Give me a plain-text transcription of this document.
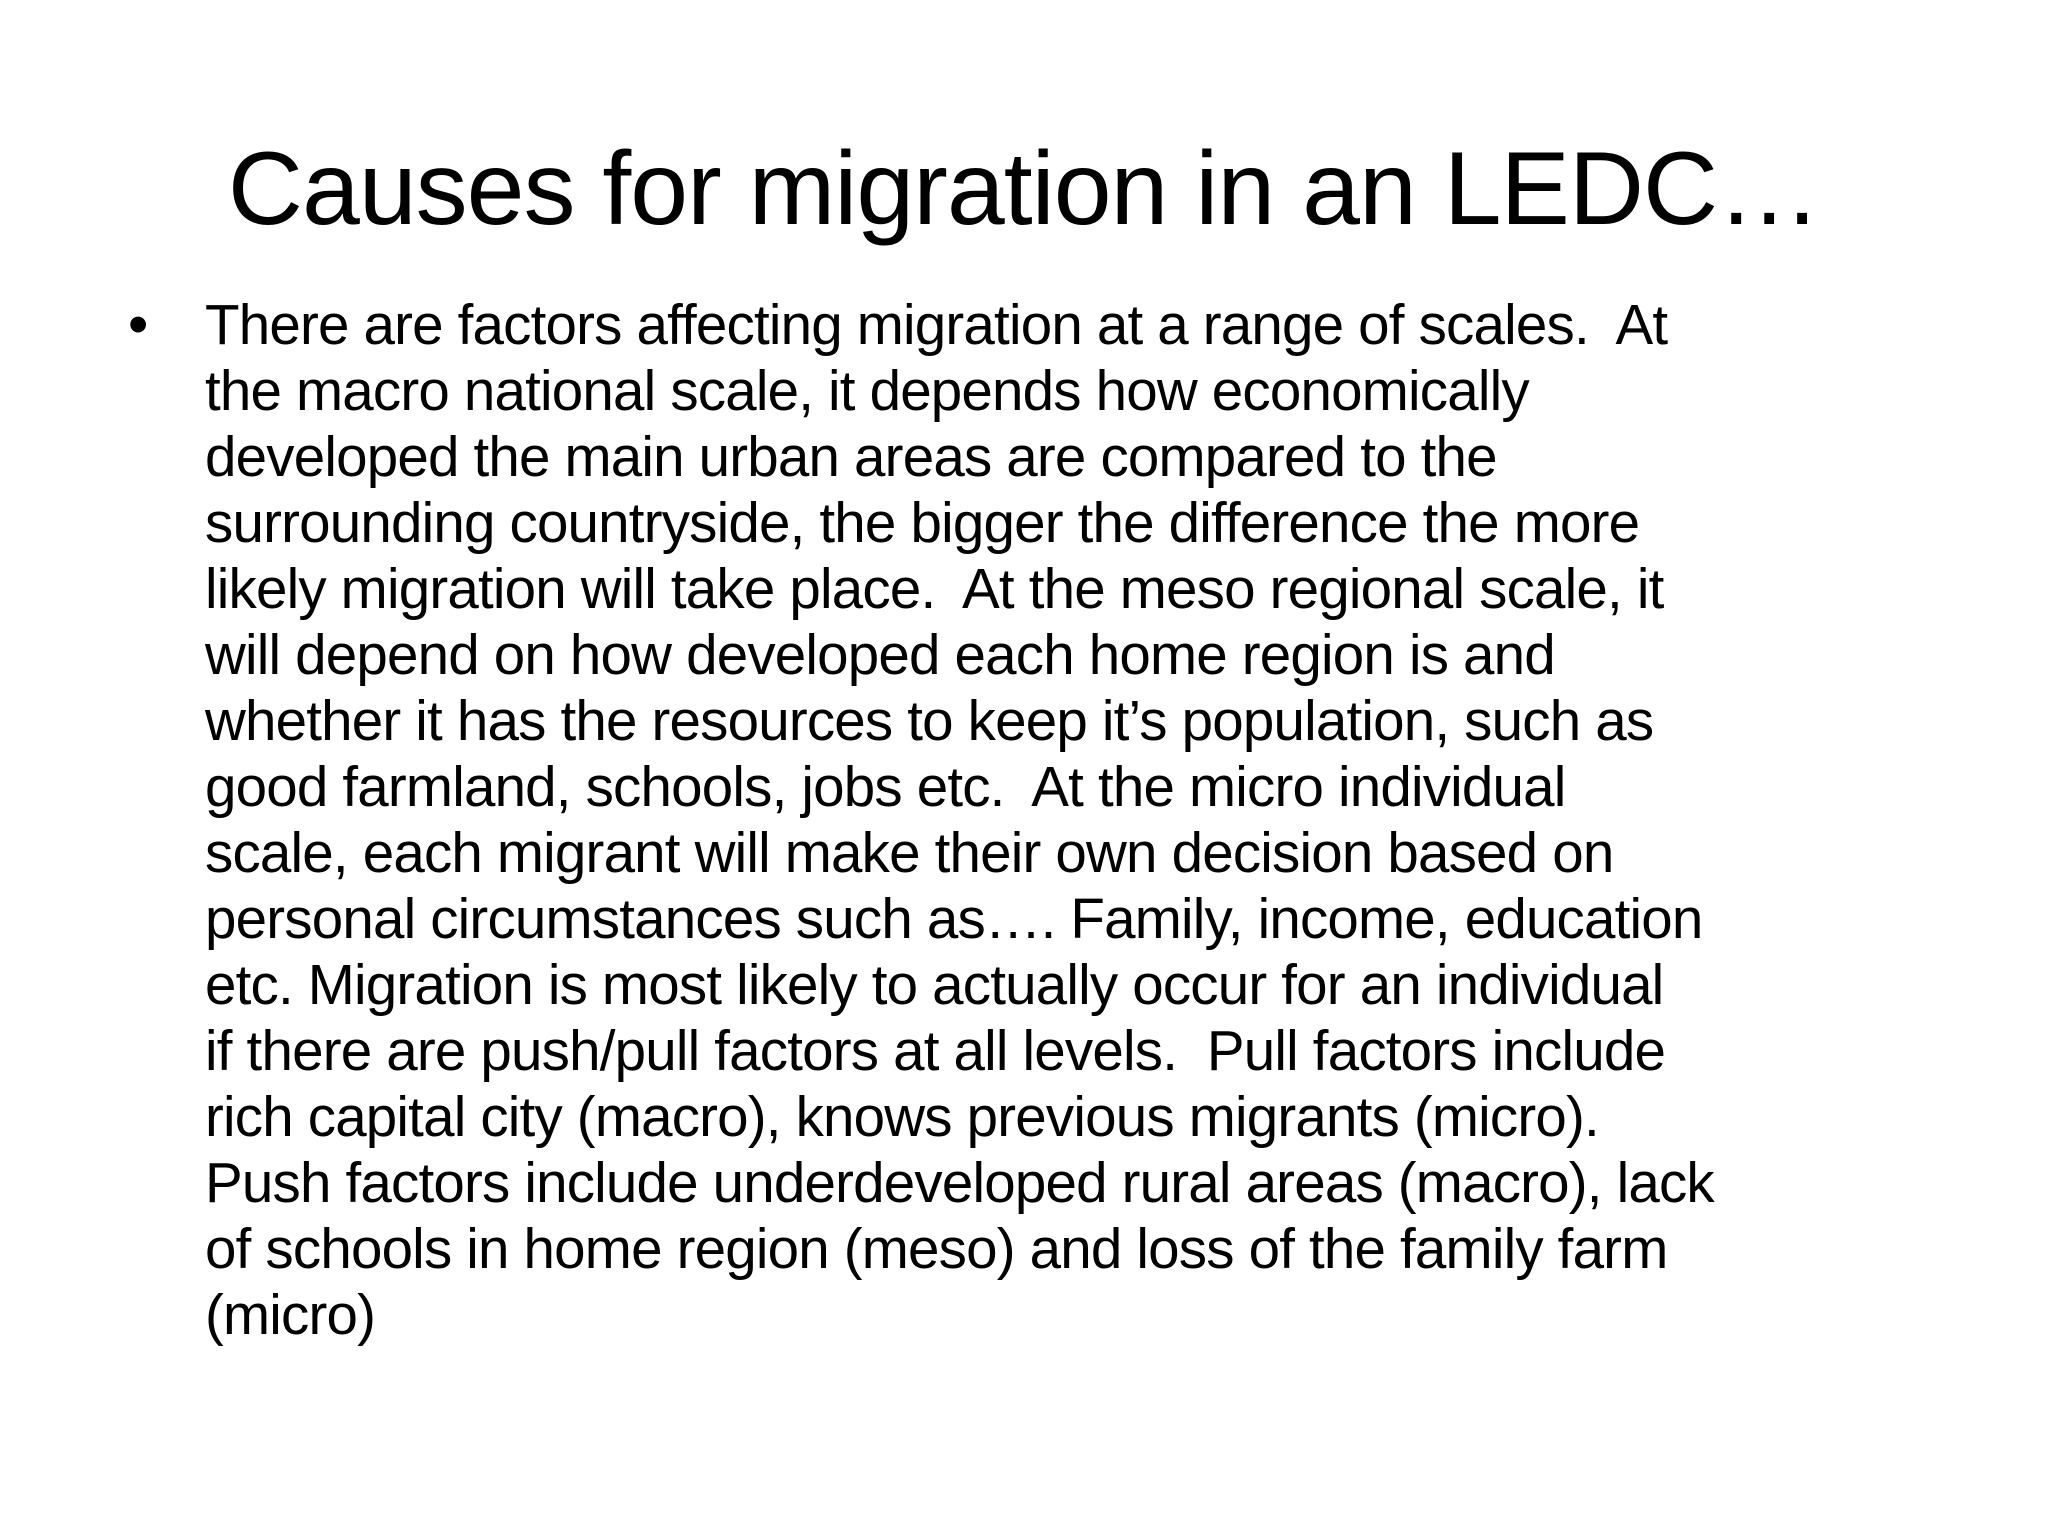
Causes for migration in an LEDC…
• There are factors affecting migration at a range of scales.  At
the macro national scale, it depends how economically
developed the main urban areas are compared to the
surrounding countryside, the bigger the difference the more
likely migration will take place.  At the meso regional scale, it
will depend on how developed each home region is and
whether it has the resources to keep it’s population, such as
good farmland, schools, jobs etc.  At the micro individual
scale, each migrant will make their own decision based on
personal circumstances such as…. Family, income, education
etc. Migration is most likely to actually occur for an individual
if there are push/pull factors at all levels.  Pull factors include
rich capital city (macro), knows previous migrants (micro).
Push factors include underdeveloped rural areas (macro), lack
of schools in home region (meso) and loss of the family farm
(micro)
